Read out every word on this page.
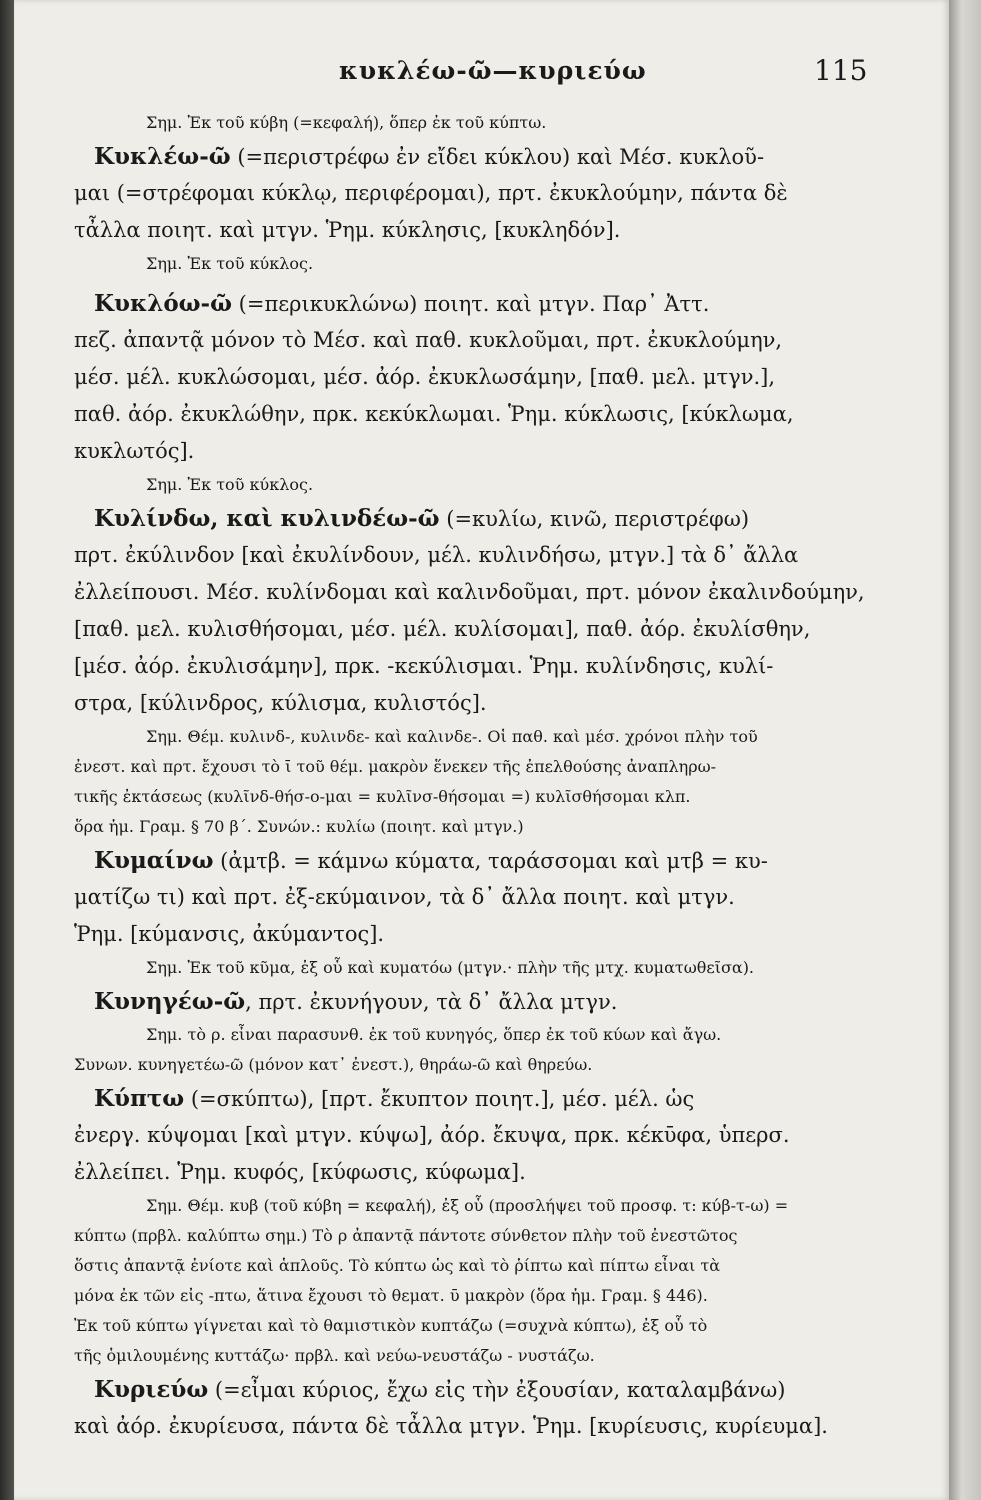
κυκλέω-ῶ—κυριεύω	115
Σημ. Ἐκ τοῦ κύβη (=κεφαλή), ὅπερ ἐκ τοῦ κύπτω.
Κυκλέω-ῶ (=περιστρέφω ἐν εἴδει κύκλου) καὶ Μέσ. κυκλοῦ-
μαι (=στρέφομαι κύκλῳ, περιφέρομαι), πρτ. ἐκυκλούμην, πάντα δὲ
τἆλλα ποιητ. καὶ μτγν. Ῥημ. κύκλησις, [κυκληδόν].
Σημ. Ἐκ τοῦ κύκλος.
Κυκλόω-ῶ (=περικυκλώνω) ποιητ. καὶ μτγν. Παρ᾽ Ἀττ.
πεζ. ἀπαντᾷ μόνον τὸ Μέσ. καὶ παθ. κυκλοῦμαι, πρτ. ἐκυκλούμην,
μέσ. μέλ. κυκλώσομαι, μέσ. ἀόρ. ἐκυκλωσάμην, [παθ. μελ. μτγν.],
παθ. ἀόρ. ἐκυκλώθην, πρκ. κεκύκλωμαι. Ῥημ. κύκλωσις, [κύκλωμα,
κυκλωτός].
Σημ. Ἐκ τοῦ κύκλος.
Κυλίνδω, καὶ κυλινδέω-ῶ (=κυλίω, κινῶ, περιστρέφω)
πρτ. ἐκύλινδον [καὶ ἐκυλίνδουν, μέλ. κυλινδήσω, μτγν.] τὰ δ᾽ ἄλλα
ἐλλείπουσι. Μέσ. κυλίνδομαι καὶ καλινδοῦμαι, πρτ. μόνον ἐκαλινδούμην,
[παθ. μελ. κυλισθήσομαι, μέσ. μέλ. κυλίσομαι], παθ. ἀόρ. ἐκυλίσθην,
[μέσ. ἀόρ. ἐκυλισάμην], πρκ. -κεκύλισμαι. Ῥημ. κυλίνδησις, κυλί-
στρα, [κύλινδρος, κύλισμα, κυλιστός].
Σημ. Θέμ. κυλινδ-, κυλινδε- καὶ καλινδε-. Οἱ παθ. καὶ μέσ. χρόνοι πλὴν τοῦ
ἐνεστ. καὶ πρτ. ἔχουσι τὸ ῑ τοῦ θέμ. μακρὸν ἕνεκεν τῆς ἐπελθούσης ἀναπληρω-
τικῆς ἐκτάσεως (κυλῖνδ-θήσ-ο-μαι = κυλῖνσ-θήσομαι =) κυλῖσθήσομαι κλπ.
ὅρα ἡμ. Γραμ. § 70 β΄. Συνών.: κυλίω (ποιητ. καὶ μτγν.)
Κυμαίνω (ἀμτβ. = κάμνω κύματα, ταράσσομαι καὶ μτβ = κυ-
ματίζω τι) καὶ πρτ. ἐξ-εκύμαινον, τὰ δ᾽ ἄλλα ποιητ. καὶ μτγν.
Ῥημ. [κύμανσις, ἀκύμαντος].
Σημ. Ἐκ τοῦ κῦμα, ἐξ οὗ καὶ κυματόω (μτγν.· πλὴν τῆς μτχ. κυματωθεῖσα).
Κυνηγέω-ῶ, πρτ. ἐκυνήγουν, τὰ δ᾽ ἄλλα μτγν.
Σημ. τὸ ρ. εἶναι παρασυνθ. ἐκ τοῦ κυνηγός, ὅπερ ἐκ τοῦ κύων καὶ ἄγω.
Συνων. κυνηγετέω-ῶ (μόνον κατ᾽ ἐνεστ.), θηράω-ῶ καὶ θηρεύω.
Κύπτω (=σκύπτω), [πρτ. ἔκυπτον ποιητ.], μέσ. μέλ. ὡς
ἐνεργ. κύψομαι [καὶ μτγν. κύψω], ἀόρ. ἔκυψα, πρκ. κέκῡφα, ὑπερσ.
ἐλλείπει. Ῥημ. κυφός, [κύφωσις, κύφωμα].
Σημ. Θέμ. κυβ (τοῦ κύβη = κεφαλή), ἐξ οὗ (προσλήψει τοῦ προσφ. τ: κύβ-τ-ω) =
κύπτω (πρβλ. καλύπτω σημ.) Τὸ ρ ἀπαντᾷ πάντοτε σύνθετον πλὴν τοῦ ἐνεστῶτος
ὅστις ἀπαντᾷ ἐνίοτε καὶ ἁπλοῦς. Τὸ κύπτω ὡς καὶ τὸ ῥίπτω καὶ πίπτω εἶναι τὰ
μόνα ἐκ τῶν εἰς -πτω, ἅτινα ἔχουσι τὸ θεματ. ῡ μακρὸν (ὅρα ἡμ. Γραμ. § 446).
Ἐκ τοῦ κύπτω γίγνεται καὶ τὸ θαμιστικὸν κυπτάζω (=συχνὰ κύπτω), ἐξ οὗ τὸ
τῆς ὁμιλουμένης κυττάζω· πρβλ. καὶ νεύω-νευστάζω - νυστάζω.
Κυριεύω (=εἶμαι κύριος, ἔχω εἰς τὴν ἐξουσίαν, καταλαμβάνω)
καὶ ἀόρ. ἐκυρίευσα, πάντα δὲ τἆλλα μτγν. Ῥημ. [κυρίευσις, κυρίευμα].
